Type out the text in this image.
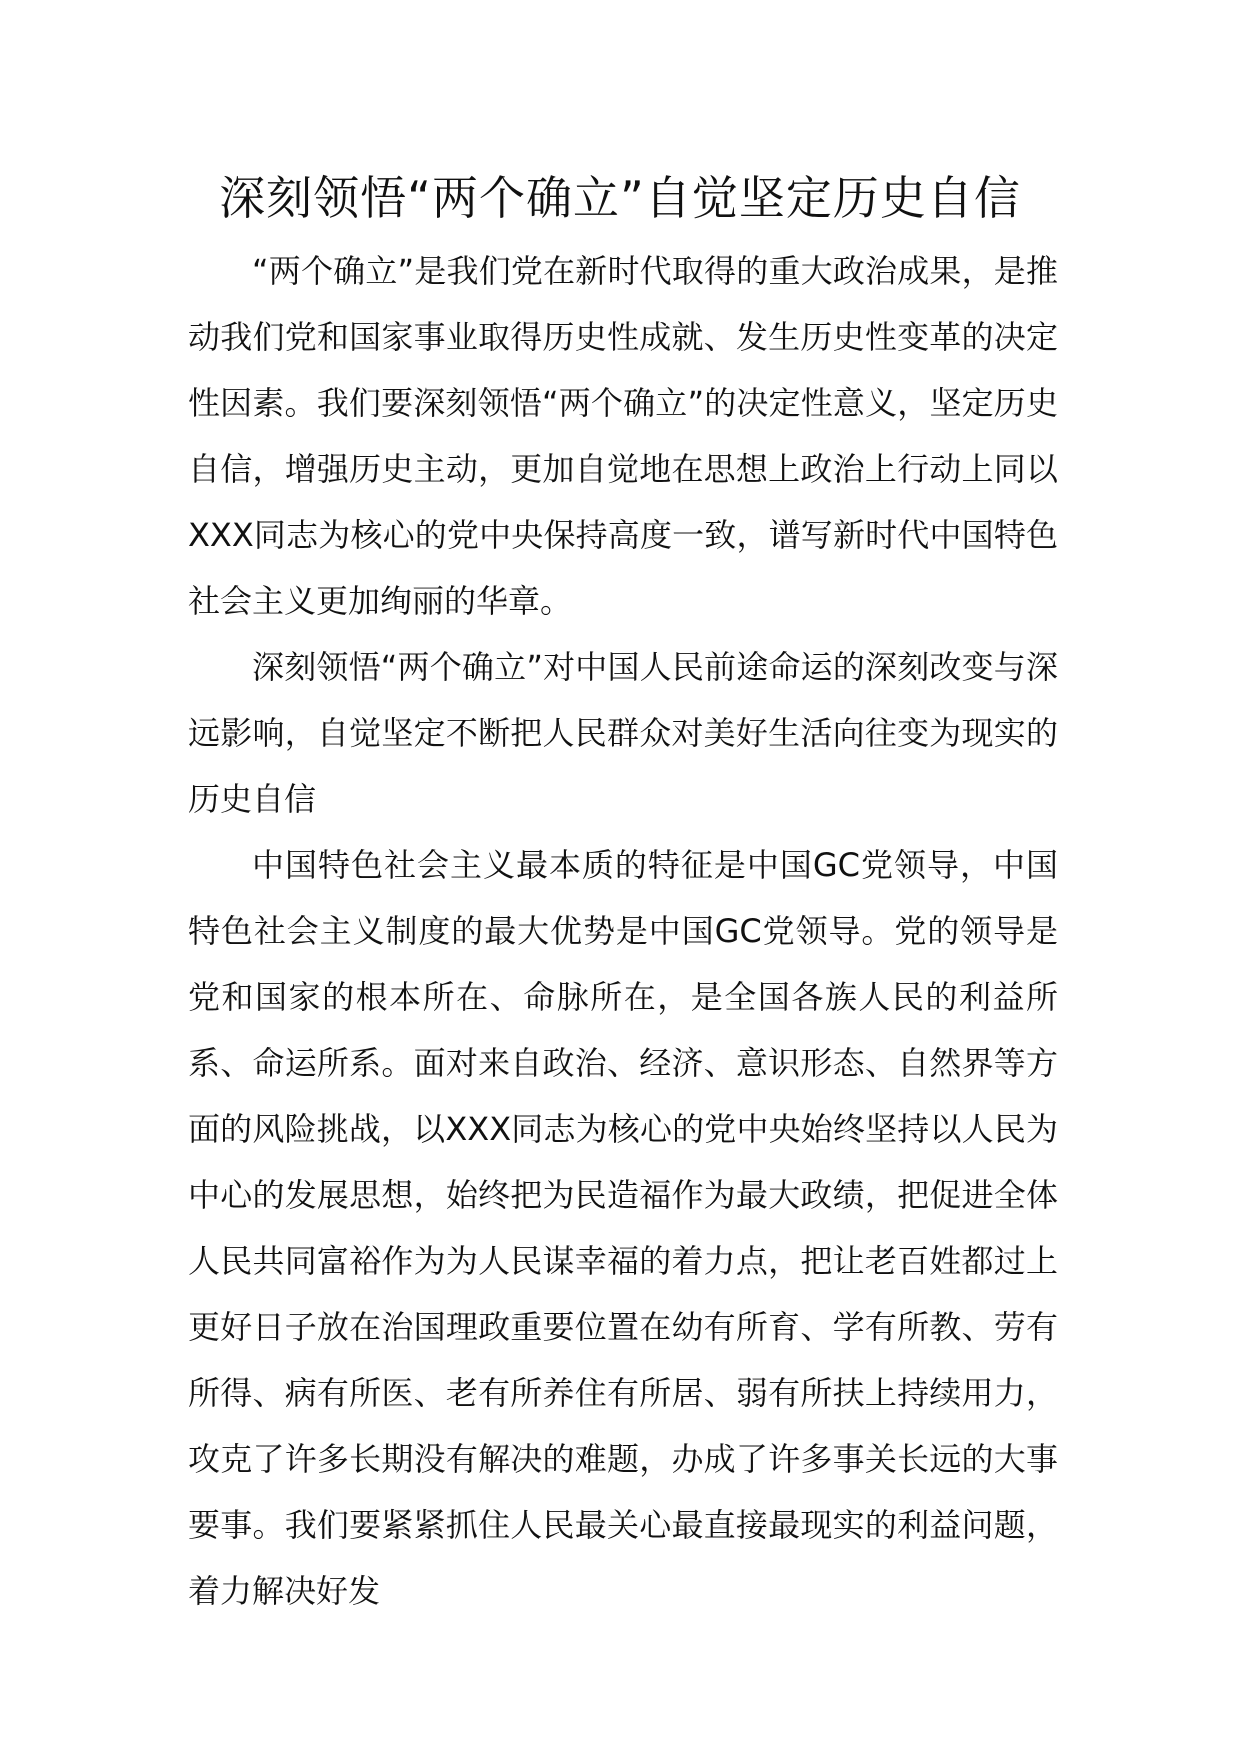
深刻领悟“两个确立”自觉坚定历史自信

“两个确立”是我们党在新时代取得的重大政治成果，是推动我们党和国家事业取得历史性成就、发生历史性变革的决定性因素。我们要深刻领悟“两个确立”的决定性意义，坚定历史自信，增强历史主动，更加自觉地在思想上政治上行动上同以XXX同志为核心的党中央保持高度一致，谱写新时代中国特色社会主义更加绚丽的华章。

深刻领悟“两个确立”对中国人民前途命运的深刻改变与深远影响，自觉坚定不断把人民群众对美好生活向往变为现实的历史自信

中国特色社会主义最本质的特征是中国GC党领导，中国特色社会主义制度的最大优势是中国GC党领导。党的领导是党和国家的根本所在、命脉所在，是全国各族人民的利益所系、命运所系。面对来自政治、经济、意识形态、自然界等方面的风险挑战，以XXX同志为核心的党中央始终坚持以人民为中心的发展思想，始终把为民造福作为最大政绩，把促进全体人民共同富裕作为为人民谋幸福的着力点，把让老百姓都过上更好日子放在治国理政重要位置在幼有所育、学有所教、劳有所得、病有所医、老有所养住有所居、弱有所扶上持续用力，攻克了许多长期没有解决的难题，办成了许多事关长远的大事要事。我们要紧紧抓住人民最关心最直接最现实的利益问题，着力解决好发
